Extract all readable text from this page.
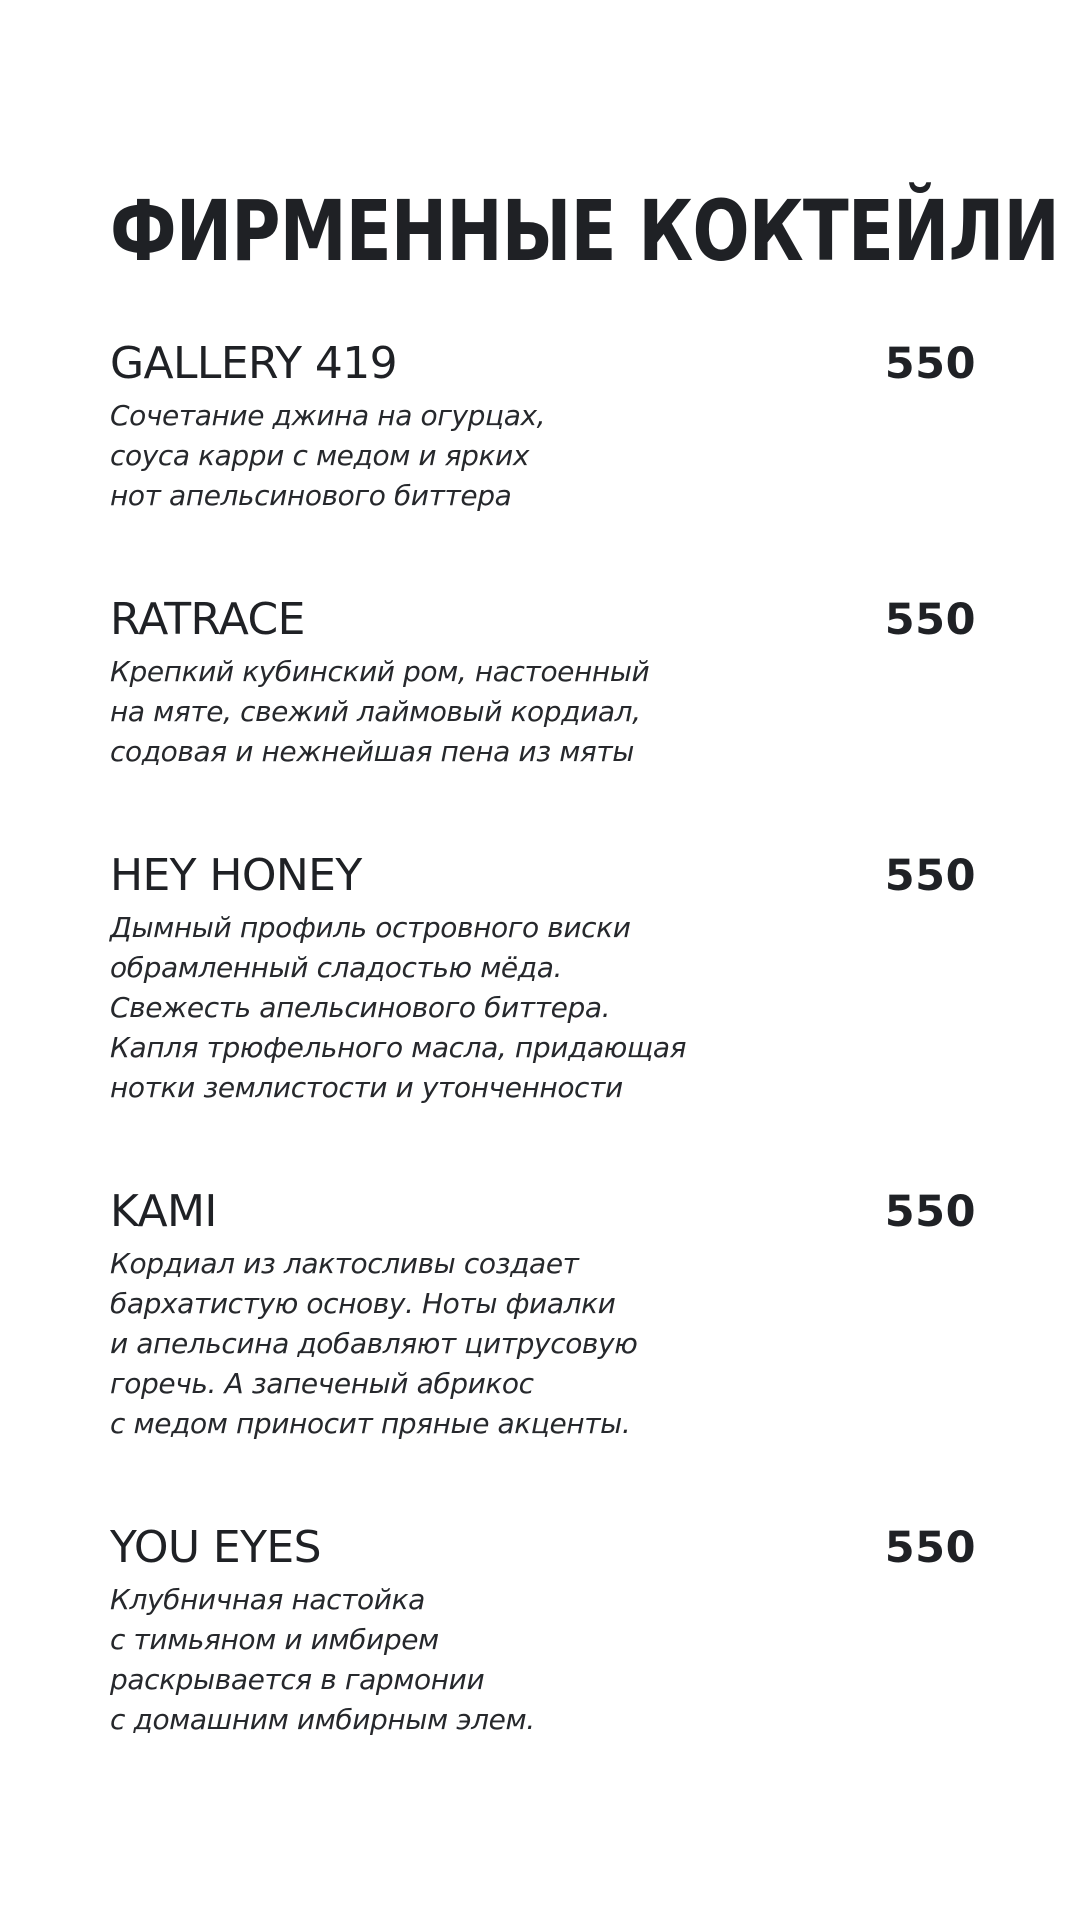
ФИРМЕННЫЕ КОКТЕЙЛИ
GALLERY 419	550

Сочетание джина на огурцах,
соуса карри с медом и ярких
нот апельсинового биттера

RATRACE	550

Крепкий кубинский ром, настоенный
на мяте, свежий лаймовый кордиал,
содовая и нежнейшая пена из мяты

HEY HONEY	550

Дымный профиль островного виски
обрамленный сладостью мёда.
Свежесть апельсинового биттера.
Капля трюфельного масла, придающая
нотки землистости и утонченности

KAMI	550

Кордиал из лактосливы создает
бархатистую основу. Ноты фиалки
и апельсина добавляют цитрусовую
горечь. А запеченый абрикос
с медом приносит пряные акценты.

YOU EYES	550

Клубничная настойка
с тимьяном и имбирем
раскрывается в гармонии
с домашним имбирным элем.
